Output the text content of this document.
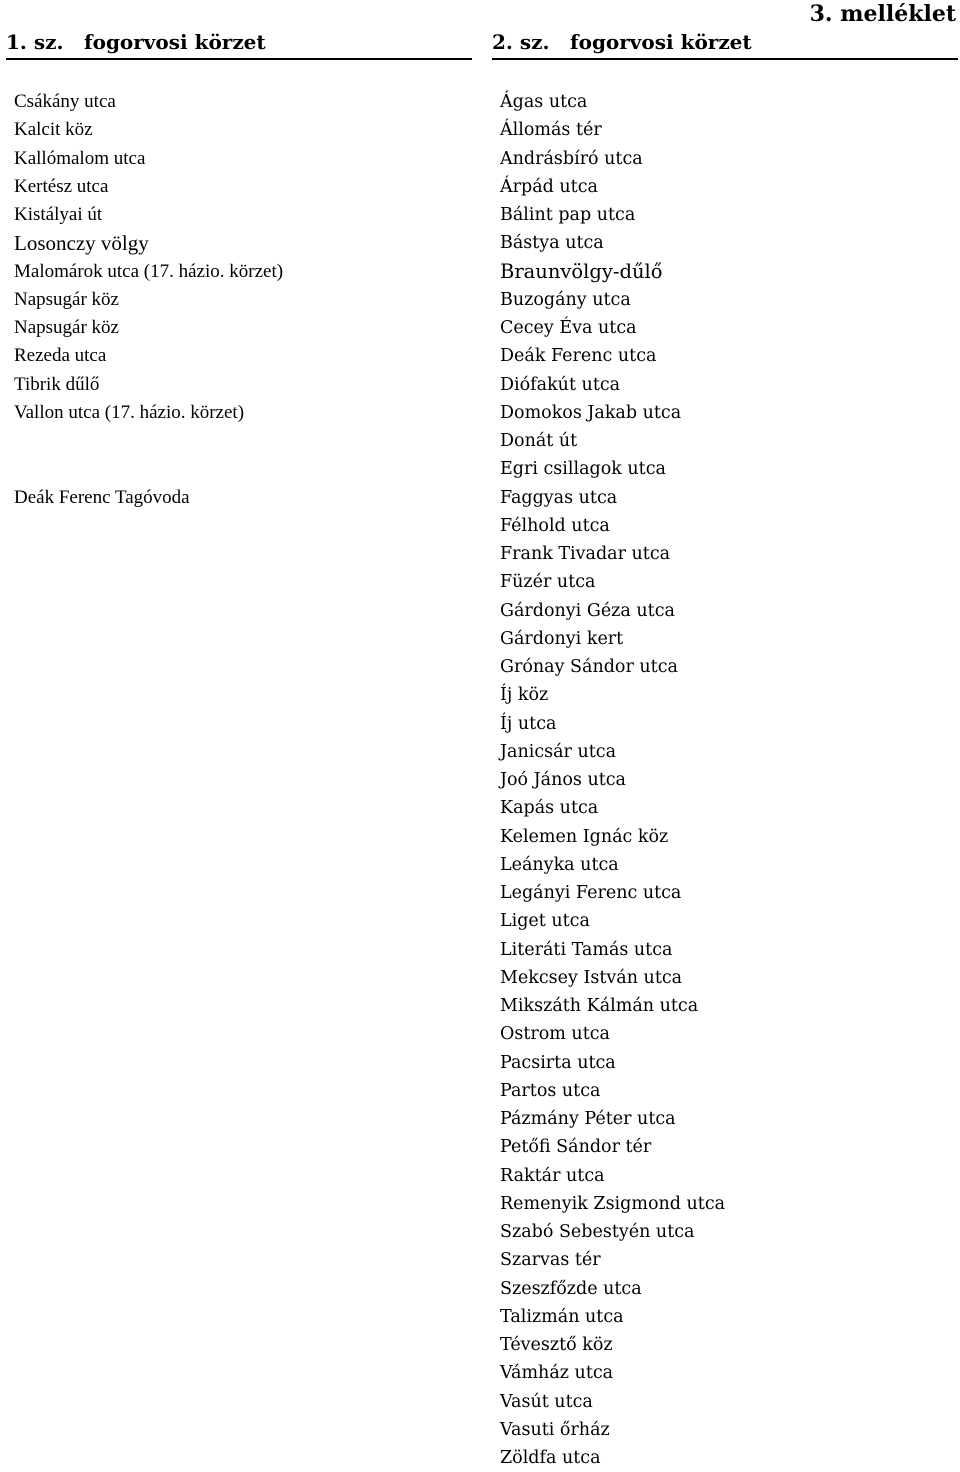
3. melléklet

1. sz. fogorvosi körzet
Csákány utca
Kalcit köz
Kallómalom utca
Kertész utca
Kistályai út
Losonczy völgy
Malomárok utca (17. házio. körzet)
Napsugár köz
Napsugár köz
Rezeda utca
Tibrik dűlő
Vallon utca (17. házio. körzet)

Deák Ferenc Tagóvoda

2. sz. fogorvosi körzet
Ágas utca
Állomás tér
Andrásbíró utca
Árpád utca
Bálint pap utca
Bástya utca
Braunvölgy-dűlő
Buzogány utca
Cecey Éva utca
Deák Ferenc utca
Diófakút utca
Domokos Jakab utca
Donát út
Egri csillagok utca
Faggyas utca
Félhold utca
Frank Tivadar utca
Füzér utca
Gárdonyi Géza utca
Gárdonyi kert
Grónay Sándor utca
Íj köz
Íj utca
Janicsár utca
Joó János utca
Kapás utca
Kelemen Ignác köz
Leányka utca
Legányi Ferenc utca
Liget utca
Literáti Tamás utca
Mekcsey István utca
Mikszáth Kálmán utca
Ostrom utca
Pacsirta utca
Partos utca
Pázmány Péter utca
Petőfi Sándor tér
Raktár utca
Remenyik Zsigmond utca
Szabó Sebestyén utca
Szarvas tér
Szeszfőzde utca
Talizmán utca
Tévesztő köz
Vámház utca
Vasút utca
Vasuti őrház
Zöldfa utca
